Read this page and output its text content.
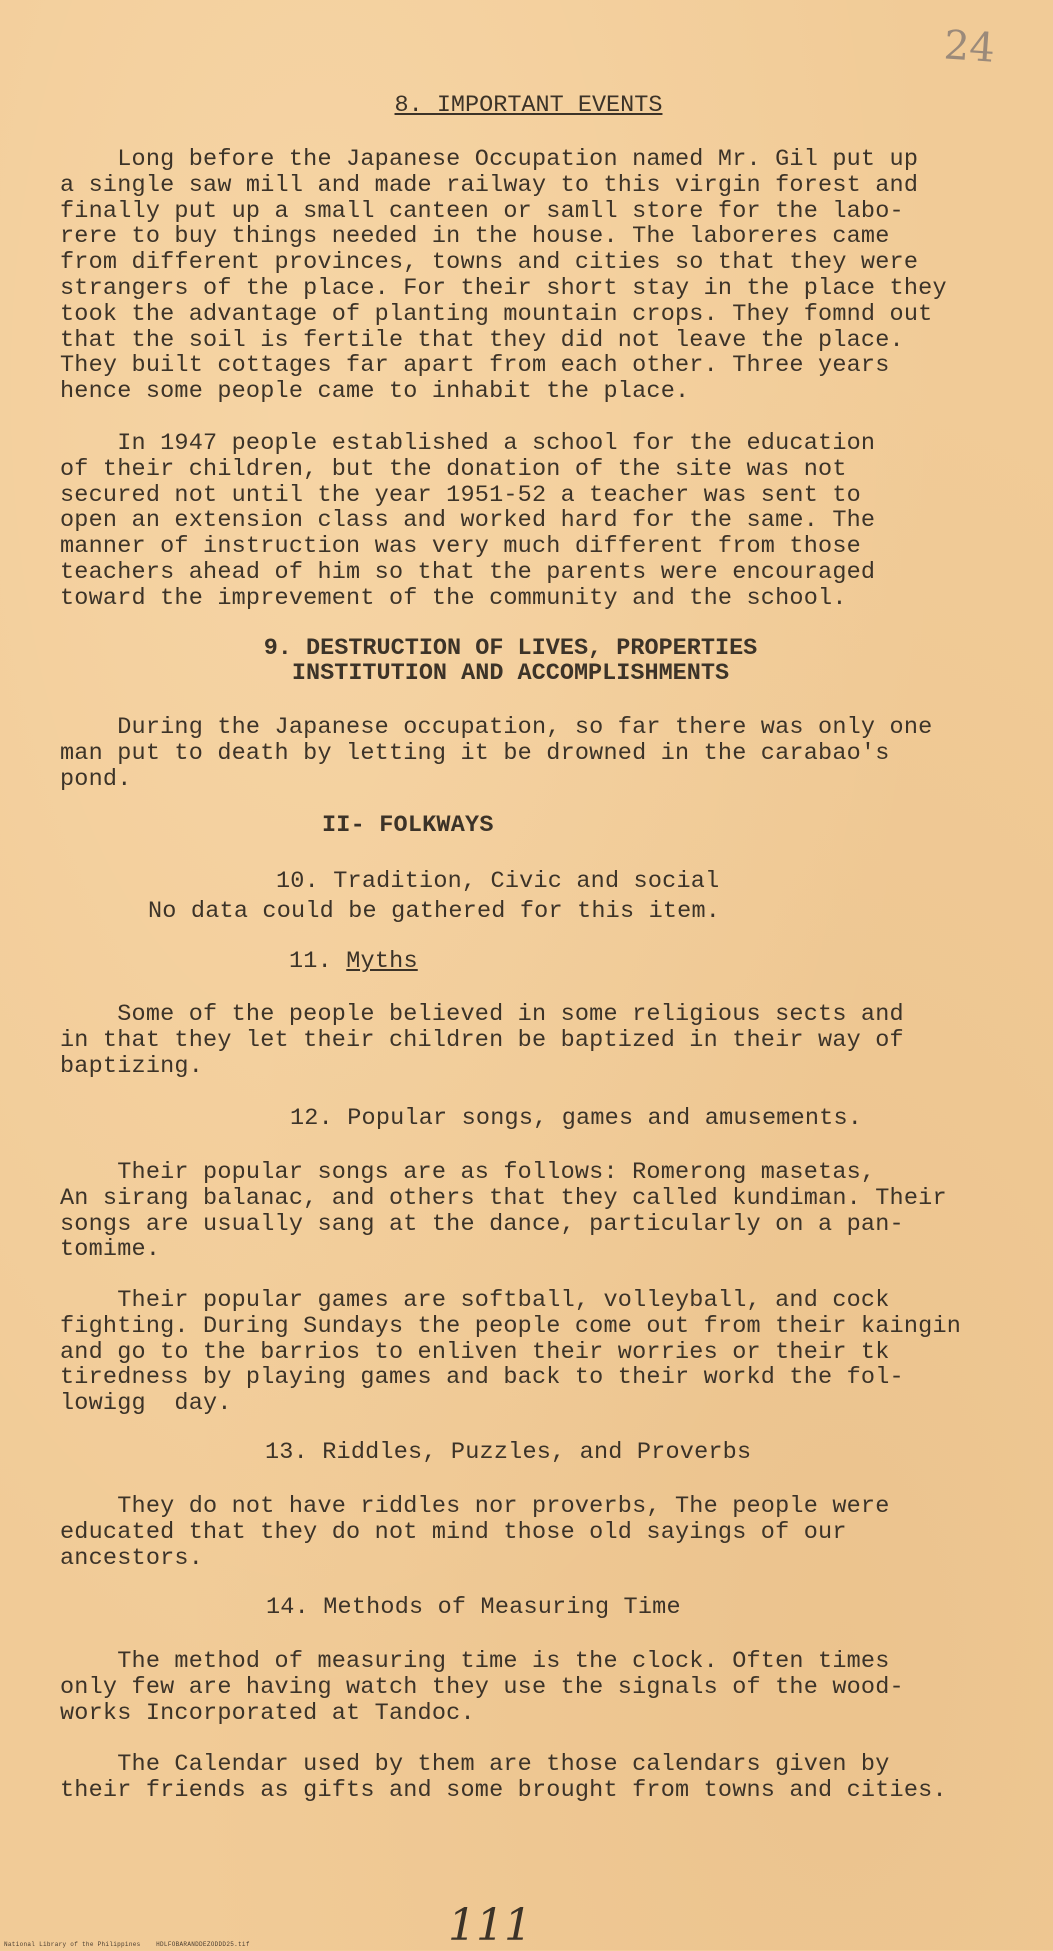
24
8. IMPORTANT EVENTS
Long before the Japanese Occupation named Mr. Gil put up
a single saw mill and made railway to this virgin forest and
finally put up a small canteen or samll store for the labo-
rere to buy things needed in the house. The laboreres came
from different provinces, towns and cities so that they were
strangers of the place. For their short stay in the place they
took the advantage of planting mountain crops. They fomnd out
that the soil is fertile that they did not leave the place.
They built cottages far apart from each other. Three years
hence some people came to inhabit the place.
In 1947 people established a school for the education
of their children, but the donation of the site was not
secured not until the year 1951-52 a teacher was sent to
open an extension class and worked hard for the same. The
manner of instruction was very much different from those
teachers ahead of him so that the parents were encouraged
toward the imprevement of the community and the school.
9. DESTRUCTION OF LIVES, PROPERTIES
INSTITUTION AND ACCOMPLISHMENTS
During the Japanese occupation, so far there was only one
man put to death by letting it be drowned in the carabao's
pond.
II- FOLKWAYS
10. Tradition, Civic and social
No data could be gathered for this item.
11. Myths
Some of the people believed in some religious sects and
in that they let their children be baptized in their way of
baptizing.
12. Popular songs, games and amusements.
Their popular songs are as follows: Romerong masetas,
An sirang balanac, and others that they called kundiman. Their
songs are usually sang at the dance, particularly on a pan-
tomime.
Their popular games are softball, volleyball, and cock
fighting. During Sundays the people come out from their kaingin
and go to the barrios to enliven their worries or their tk
tiredness by playing games and back to their workd the fol-
lowigg  day.
13. Riddles, Puzzles, and Proverbs
They do not have riddles nor proverbs, The people were
educated that they do not mind those old sayings of our
ancestors.
14. Methods of Measuring Time
The method of measuring time is the clock. Often times
only few are having watch they use the signals of the wood-
works Incorporated at Tandoc.
The Calendar used by them are those calendars given by
their friends as gifts and some brought from towns and cities.
111
National Library of the Philippines    HDLFOBARANDDEZODDD25.tif
